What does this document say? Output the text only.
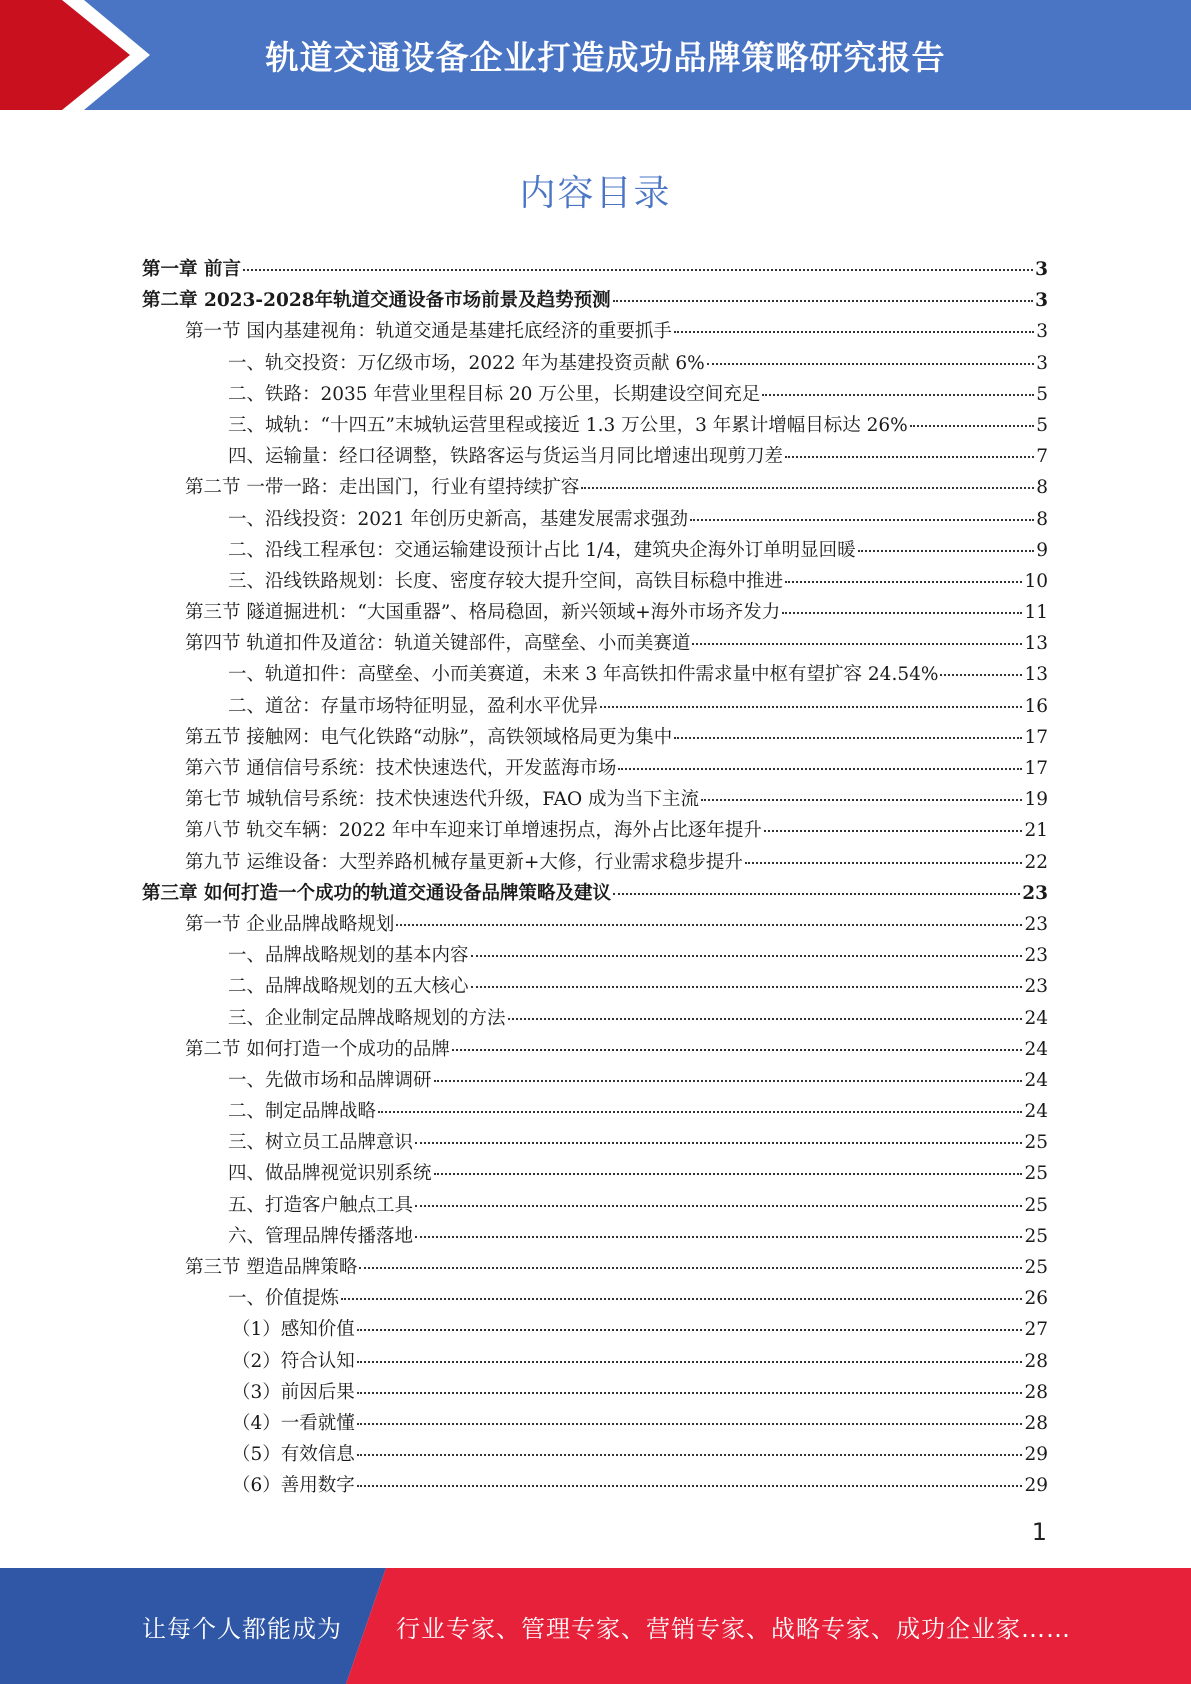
轨道交通设备企业打造成功品牌策略研究报告
内容目录
第一章 前言	3
第二章 2023-2028年轨道交通设备市场前景及趋势预测	3
第一节 国内基建视角：轨道交通是基建托底经济的重要抓手	3
一、轨交投资：万亿级市场，2022 年为基建投资贡献 6%	3
二、铁路：2035 年营业里程目标 20 万公里，长期建设空间充足	5
三、城轨：“十四五”末城轨运营里程或接近 1.3 万公里，3 年累计增幅目标达 26%	5
四、运输量：经口径调整，铁路客运与货运当月同比增速出现剪刀差	7
第二节 一带一路：走出国门，行业有望持续扩容	8
一、沿线投资：2021 年创历史新高，基建发展需求强劲	8
二、沿线工程承包：交通运输建设预计占比 1/4，建筑央企海外订单明显回暖	9
三、沿线铁路规划：长度、密度存较大提升空间，高铁目标稳中推进	10
第三节 隧道掘进机：“大国重器”、格局稳固，新兴领域+海外市场齐发力	11
第四节 轨道扣件及道岔：轨道关键部件，高壁垒、小而美赛道	13
一、轨道扣件：高壁垒、小而美赛道，未来 3 年高铁扣件需求量中枢有望扩容 24.54%	13
二、道岔：存量市场特征明显，盈利水平优异	16
第五节 接触网：电气化铁路“动脉”，高铁领域格局更为集中	17
第六节 通信信号系统：技术快速迭代，开发蓝海市场	17
第七节 城轨信号系统：技术快速迭代升级，FAO 成为当下主流	19
第八节 轨交车辆：2022 年中车迎来订单增速拐点，海外占比逐年提升	21
第九节 运维设备：大型养路机械存量更新+大修，行业需求稳步提升	22
第三章 如何打造一个成功的轨道交通设备品牌策略及建议	23
第一节 企业品牌战略规划	23
一、品牌战略规划的基本内容	23
二、品牌战略规划的五大核心	23
三、企业制定品牌战略规划的方法	24
第二节 如何打造一个成功的品牌	24
一、先做市场和品牌调研	24
二、制定品牌战略	24
三、树立员工品牌意识	25
四、做品牌视觉识别系统	25
五、打造客户触点工具	25
六、管理品牌传播落地	25
第三节 塑造品牌策略	25
一、价值提炼	26
（1）感知价值	27
（2）符合认知	28
（3）前因后果	28
（4）一看就懂	28
（5）有效信息	29
（6）善用数字	29
1
让每个人都能成为 行业专家、管理专家、营销专家、战略专家、成功企业家……
